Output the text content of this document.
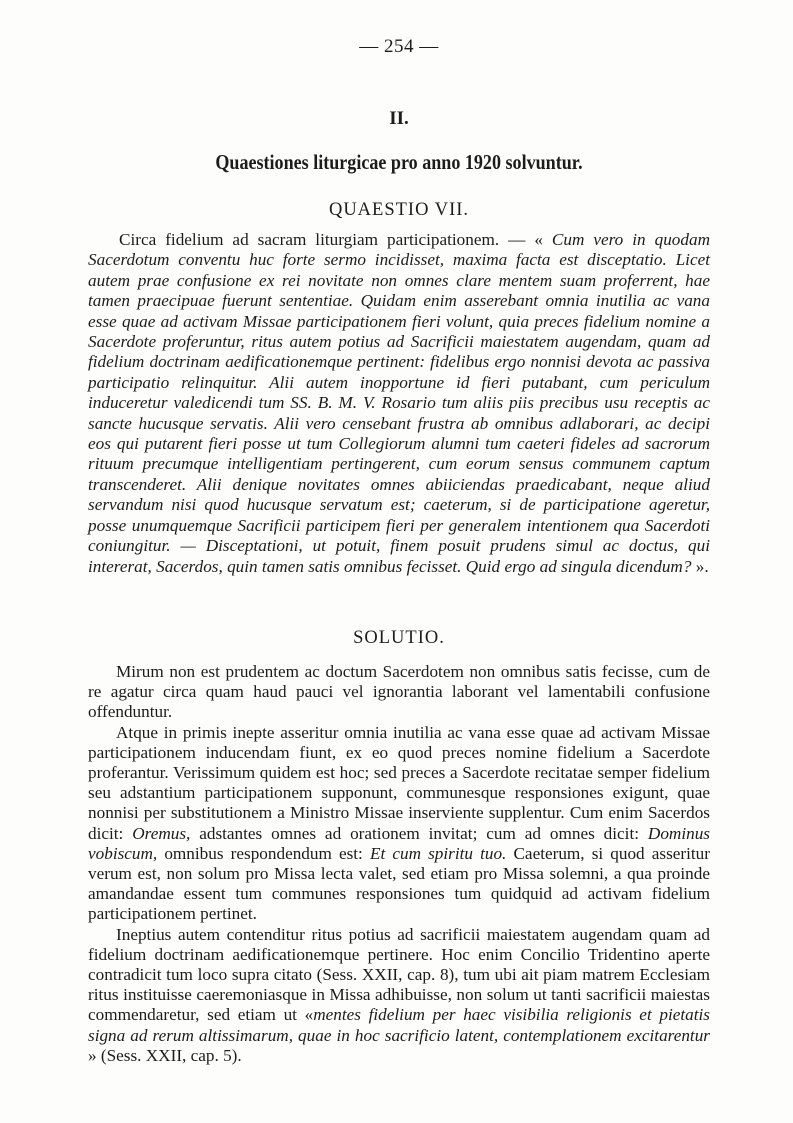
— 254 —
II.
Quaestiones liturgicae pro anno 1920 solvuntur.
QUAESTIO VII.
Circa fidelium ad sacram liturgiam participationem. — « Cum vero in quodam Sacerdotum conventu huc forte sermo incidisset, maxima facta est disceptatio. Licet autem prae confusione ex rei novitate non omnes clare mentem suam proferrent, hae tamen praecipuae fuerunt sententiae. Quidam enim asserebant omnia inutilia ac vana esse quae ad activam Missae participationem fieri volunt, quia preces fidelium nomine a Sacerdote proferuntur, ritus autem potius ad Sacrificii maiestatem augendam, quam ad fidelium doctrinam aedificationemque pertinent: fidelibus ergo nonnisi devota ac passiva participatio relinquitur. Alii autem inopportune id fieri putabant, cum periculum induceretur valedicendi tum SS. B. M. V. Rosario tum aliis piis precibus usu receptis ac sancte hucusque servatis. Alii vero censebant frustra ab omnibus adlaborari, ac decipi eos qui putarent fieri posse ut tum Collegiorum alumni tum caeteri fideles ad sacrorum rituum precumque intelligentiam pertingerent, cum eorum sensus communem captum transcenderet. Alii denique novitates omnes abiiciendas praedicabant, neque aliud servandum nisi quod hucusque servatum est; caeterum, si de participatione ageretur, posse unumquemque Sacrificii participem fieri per generalem intentionem qua Sacerdoti coniungitur. — Disceptationi, ut potuit, finem posuit prudens simul ac doctus, qui intererat, Sacerdos, quin tamen satis omnibus fecisset. Quid ergo ad singula dicendum? ».
SOLUTIO.

Mirum non est prudentem ac doctum Sacerdotem non omnibus satis fecisse, cum de re agatur circa quam haud pauci vel ignorantia laborant vel lamentabili confusione offenduntur.

Atque in primis inepte asseritur omnia inutilia ac vana esse quae ad activam Missae participationem inducendam fiunt, ex eo quod preces nomine fidelium a Sacerdote proferantur. Verissimum quidem est hoc; sed preces a Sacerdote recitatae semper fidelium seu adstantium participationem supponunt, communesque responsiones exigunt, quae nonnisi per substitutionem a Ministro Missae inserviente supplentur. Cum enim Sacerdos dicit: Oremus, adstantes omnes ad orationem invitat; cum ad omnes dicit: Dominus vobiscum, omnibus respondendum est: Et cum spiritu tuo. Caeterum, si quod asseritur verum est, non solum pro Missa lecta valet, sed etiam pro Missa solemni, a qua proinde amandandae essent tum communes responsiones tum quidquid ad activam fidelium participationem pertinet.

Ineptius autem contenditur ritus potius ad sacrificii maiestatem augendam quam ad fidelium doctrinam aedificationemque pertinere. Hoc enim Concilio Tridentino aperte contradicit tum loco supra citato (Sess. XXII, cap. 8), tum ubi ait piam matrem Ecclesiam ritus instituisse caeremoniasque in Missa adhibuisse, non solum ut tanti sacrificii maiestas commendaretur, sed etiam ut «mentes fidelium per haec visibilia religionis et pietatis signa ad rerum altissimarum, quae in hoc sacrificio latent, contemplationem excitarentur » (Sess. XXII, cap. 5).
